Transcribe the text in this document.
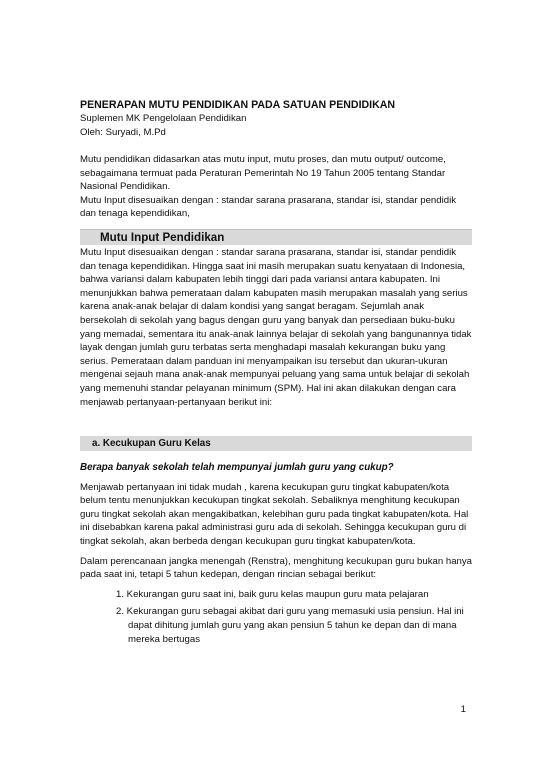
PENERAPAN MUTU PENDIDIKAN PADA SATUAN PENDIDIKAN

Suplemen MK Pengelolaan Pendidikan

Oleh: Suryadi, M.Pd

Mutu pendidikan didasarkan atas mutu input, mutu proses, dan mutu output/ outcome, sebagaimana termuat pada Peraturan Pemerintah No 19 Tahun 2005 tentang Standar Nasional Pendidikan.

Mutu Input disesuaikan dengan : standar sarana prasarana, standar isi, standar pendidik dan tenaga kependidikan,

Mutu Input Pendidikan

Mutu Input disesuaikan dengan : standar sarana prasarana, standar isi, standar pendidik dan tenaga kependidikan. Hingga saat ini masih merupakan suatu kenyataan di Indonesia, bahwa variansi dalam kabupaten lebih tinggi dari pada variansi antara kabupaten. Ini menunjukkan bahwa pemerataan dalam kabupaten masih merupakan masalah yang serius karena anak-anak belajar di dalam kondisi yang sangat beragam. Sejumlah anak bersekolah di sekolah yang bagus dengan guru yang banyak dan persediaan buku-buku yang memadai, sementara itu anak-anak lainnya belajar di sekolah yang bangunannya tidak layak dengan jumlah guru terbatas serta menghadapi masalah kekurangan buku yang serius. Pemerataan dalam panduan ini menyampaikan isu tersebut dan ukuran-ukuran mengenai sejauh mana anak-anak mempunyai peluang yang sama untuk belajar di sekolah yang memenuhi standar pelayanan minimum (SPM). Hal ini akan dilakukan dengan cara menjawab pertanyaan-pertanyaan berikut ini:

a. Kecukupan Guru Kelas

Berapa banyak sekolah telah mempunyai jumlah guru yang cukup?

Menjawab pertanyaan ini tidak mudah , karena kecukupan guru tingkat kabupaten/kota belum tentu menunjukkan kecukupan tingkat sekolah. Sebaliknya menghitung kecukupan guru tingkat sekolah akan mengakibatkan, kelebihan guru pada tingkat kabupaten/kota. Hal ini disebabkan karena pakal administrasi guru ada di sekolah. Sehingga kecukupan guru di tingkat sekolah, akan berbeda dengan kecukupan guru tingkat kabupaten/kota.

Dalam perencanaan jangka menengah (Renstra), menghitung kecukupan guru bukan hanya pada saat ini, tetapi 5 tahun kedepan, dengan rincian sebagai berikut:

1. Kekurangan guru saat ini, baik guru kelas maupun guru mata pelajaran
2. Kekurangan guru sebagai akibat dari guru yang memasuki usia pensiun. Hal ini dapat dihitung jumlah guru yang akan pensiun 5 tahun ke depan dan di mana mereka bertugas
1
